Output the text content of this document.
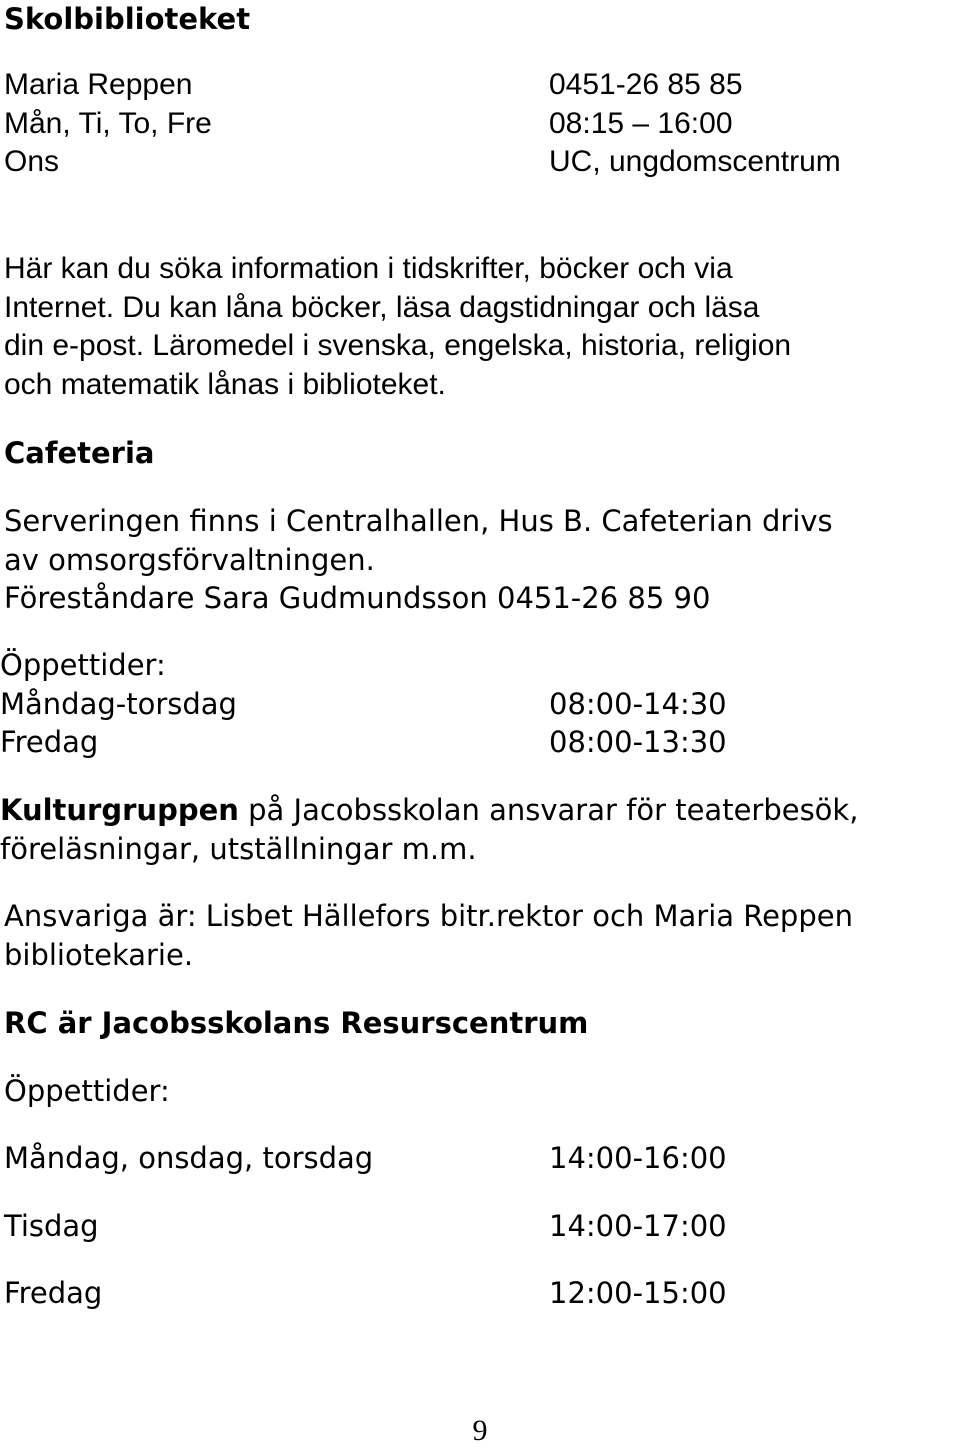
Skolbiblioteket
Maria Reppen	0451-26 85 85
Mån, Ti, To, Fre	08:15 – 16:00
Ons	UC, ungdomscentrum
Här kan du söka information i tidskrifter, böcker och via
Internet. Du kan låna böcker, läsa dagstidningar och läsa
din e-post. Läromedel i svenska, engelska, historia, religion
och matematik lånas i biblioteket.
Cafeteria
Serveringen finns i Centralhallen, Hus B. Cafeterian drivs
av omsorgsförvaltningen.
Föreståndare Sara Gudmundsson 0451-26 85 90
Öppettider:
Måndag-torsdag	08:00-14:30
Fredag	08:00-13:30
Kulturgruppen på Jacobsskolan ansvarar för teaterbesök,
föreläsningar, utställningar m.m.
Ansvariga är: Lisbet Hällefors bitr.rektor och Maria Reppen
bibliotekarie.
RC är Jacobsskolans Resurscentrum
Öppettider:
Måndag, onsdag, torsdag	14:00-16:00
Tisdag	14:00-17:00
Fredag	12:00-15:00
9
